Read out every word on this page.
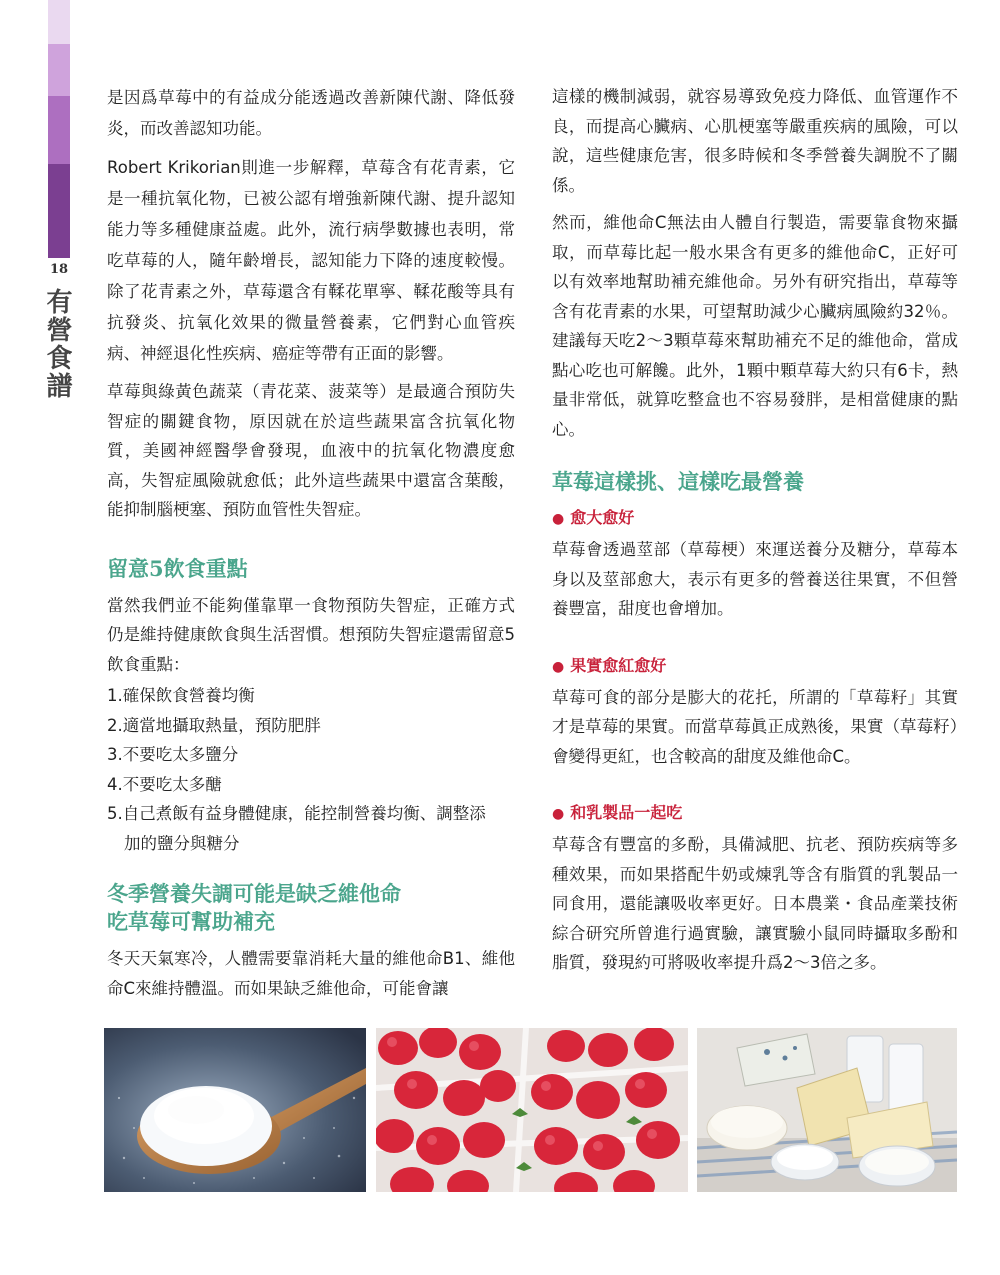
18
有營食譜

是因爲草莓中的有益成分能透過改善新陳代謝、降低發炎，而改善認知功能。

Robert Krikorian則進一步解釋，草莓含有花青素，它是一種抗氧化物，已被公認有增強新陳代謝、提升認知能力等多種健康益處。此外，流行病學數據也表明，常吃草莓的人，隨年齡增長，認知能力下降的速度較慢。除了花青素之外，草莓還含有鞣花單寧、鞣花酸等具有抗發炎、抗氧化效果的微量營養素，它們對心血管疾病、神經退化性疾病、癌症等帶有正面的影響。

草莓與綠黃色蔬菜（青花菜、菠菜等）是最適合預防失智症的關鍵食物，原因就在於這些蔬果富含抗氧化物質，美國神經醫學會發現，血液中的抗氧化物濃度愈高，失智症風險就愈低；此外這些蔬果中還富含葉酸，能抑制腦梗塞、預防血管性失智症。

留意5飲食重點

當然我們並不能夠僅靠單一食物預防失智症，正確方式仍是維持健康飲食與生活習慣。想預防失智症還需留意5飲食重點：

1.確保飲食營養均衡
2.適當地攝取熱量，預防肥胖
3.不要吃太多鹽分
4.不要吃太多醣
5.自己煮飯有益身體健康，能控制營養均衡、調整添
加的鹽分與糖分
冬季營養失調可能是缺乏維他命
吃草莓可幫助補充

冬天天氣寒冷，人體需要靠消耗大量的維他命B1、維他命C來維持體溫。而如果缺乏維他命，可能會讓

這樣的機制減弱，就容易導致免疫力降低、血管運作不良，而提高心臟病、心肌梗塞等嚴重疾病的風險，可以說，這些健康危害，很多時候和冬季營養失調脫不了關係。

然而，維他命C無法由人體自行製造，需要靠食物來攝取，而草莓比起一般水果含有更多的維他命C，正好可以有效率地幫助補充維他命。另外有研究指出，草莓等含有花青素的水果，可望幫助減少心臟病風險約32％。建議每天吃2～3顆草莓來幫助補充不足的維他命，當成點心吃也可解饞。此外，1顆中顆草莓大約只有6卡，熱量非常低，就算吃整盒也不容易發胖，是相當健康的點心。

草莓這樣挑、這樣吃最營養
● 愈大愈好

草莓會透過莖部（草莓梗）來運送養分及糖分，草莓本身以及莖部愈大，表示有更多的營養送往果實，不但營養豐富，甜度也會增加。

● 果實愈紅愈好

草莓可食的部分是膨大的花托，所謂的「草莓籽」其實才是草莓的果實。而當草莓眞正成熟後，果實（草莓籽）會變得更紅，也含較高的甜度及維他命C。

● 和乳製品一起吃

草莓含有豐富的多酚，具備減肥、抗老、預防疾病等多種效果，而如果搭配牛奶或煉乳等含有脂質的乳製品一同食用，還能讓吸收率更好。日本農業・食品產業技術綜合研究所曾進行過實驗，讓實驗小鼠同時攝取多酚和脂質，發現約可將吸收率提升爲2～3倍之多。
